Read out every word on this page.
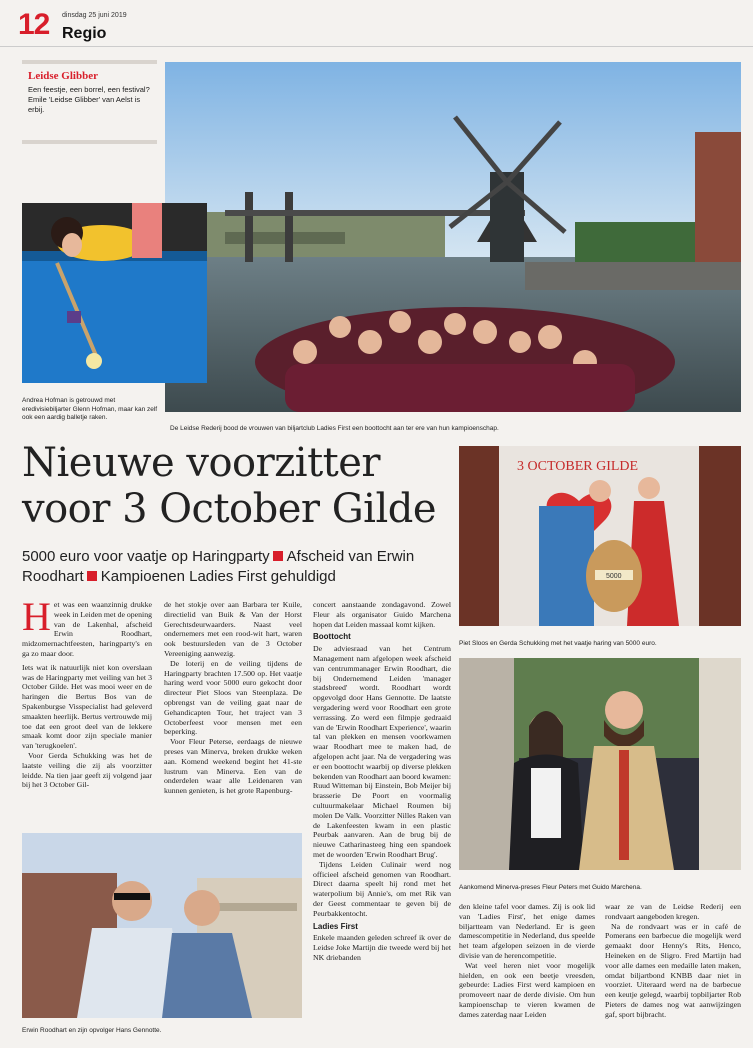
12 dinsdag 25 juni 2019
Regio
Leidse Glibber

Een feestje, een borrel, een festival? Emile 'Leidse Glibber' van Aelst is erbij.

Andrea Hofman is getrouwd met eredivisiebiljarter Glenn Hofman, maar kan zelf ook een aardig balletje raken.
De Leidse Rederij bood de vrouwen van biljartclub Ladies First een boottocht aan ter ere van hun kampioenschap.
Nieuwe voorzitter voor 3 October Gilde
5000 euro voor vaatje op Haringparty Afscheid van Erwin Roodhart Kampioenen Ladies First gehuldigd
3 OCTOBER GILDE
5000
Piet Sloos en Gerda Schukking met het vaatje haring van 5000 euro.
Aankomend Minerva-preses Fleur Peters met Guido Marchena.
Erwin Roodhart en zijn opvolger Hans Gennotte.
H et was een waanzinnig drukke week in Leiden met de opening van de Lakenhal, afscheid Erwin Roodhart, midzomernachtfeesten, haringparty's en ga zo maar door.

Iets wat ik natuurlijk niet kon overslaan was de Haringparty met veiling van het 3 October Gilde. Het was mooi weer en de haringen die Bertus Bos van de Spakenburgse Visspecialist had geleverd smaakten heerlijk. Bertus vertrouwde mij toe dat een groot deel van de lekkere smaak komt door zijn speciale manier van 'terugkoelen'.

Voor Gerda Schukking was het de laatste veiling die zij als voorzitter leidde. Na tien jaar geeft zij volgend jaar bij het 3 October Gil-

de het stokje over aan Barbara ter Kuile, directielid van Buik & Van der Horst Gerechtsdeurwaarders. Naast veel ondernemers met een rood-wit hart, waren ook bestuursleden van de 3 October Vereeniging aanwezig.

De loterij en de veiling tijdens de Haringparty brachten 17.500 op. Het vaatje haring werd voor 5000 euro gekocht door directeur Piet Sloos van Steenplaza. De opbrengst van de veiling gaat naar de Gehandicapten Tour, het traject van 3 Octoberfeest voor mensen met een beperking.

Voor Fleur Peterse, eerdaags de nieuwe preses van Minerva, breken drukke weken aan. Komend weekend begint het 41-ste lustrum van Minerva. Een van de onderdelen waar alle Leidenaren van kunnen genieten, is het grote Rapenburg-

concert aanstaande zondagavond. Zowel Fleur als organisator Guido Marchena hopen dat Leiden massaal komt kijken.

Boottocht

De adviesraad van het Centrum Management nam afgelopen week afscheid van centrummanager Erwin Roodhart, die bij Ondernemend Leiden 'manager stadsbreed' wordt. Roodhart wordt opgevolgd door Hans Gennotte. De laatste vergadering werd voor Roodhart een grote verrassing. Zo werd een filmpje gedraaid van de 'Erwin Roodhart Experience', waarin tal van plekken en mensen voorkwamen waar Roodhart mee te maken had, de afgelopen acht jaar. Na de vergadering was er een boottocht waarbij op diverse plekken bekenden van Roodhart aan boord kwamen: Ruud Witteman bij Einstein, Bob Meijer bij brasserie De Poort en voormalig cultuurmakelaar Michael Roumen bij molen De Valk. Voorzitter Nilles Raken van de Lakenfeesten kwam in een plastic Peurbak aanvaren. Aan de brug bij de nieuwe Catharinasteeg hing een spandoek met de woorden 'Erwin Roodhart Brug'.

Tijdens Leiden Culinair werd nog officieel afscheid genomen van Roodhart. Direct daarna speelt hij rond met het waterpolium bij Annie's, om met Rik van der Geest commentaar te geven bij de Peurbakkentocht.

Ladies First

Enkele maanden geleden schreef ik over de Leidse Joke Martijn die tweede werd bij het NK driebanden

den kleine tafel voor dames. Zij is ook lid van 'Ladies First', het enige dames biljartteam van Nederland. Er is geen damescompetitie in Nederland, dus speelde het team afgelopen seizoen in de vierde divisie van de herencompetitie.

Wat veel heren niet voor mogelijk hielden, en ook een beetje vreesden, gebeurde: Ladies First werd kampioen en promoveert naar de derde divisie. Om hun kampioenschap te vieren kwamen de dames zaterdag naar Leiden

waar ze van de Leidse Rederij een rondvaart aangeboden kregen.

Na de rondvaart was er in café de Pomerans een barbecue die mogelijk werd gemaakt door Henny's Rits, Henco, Heineken en de Sligro. Fred Martijn had voor alle dames een medaille laten maken, omdat biljartbond KNBB daar niet in voorziet. Uiteraard werd na de barbecue een keutje gelegd, waarbij topbiljarter Rob Pieters de dames nog wat aanwijzingen gaf, sport bijbracht.
